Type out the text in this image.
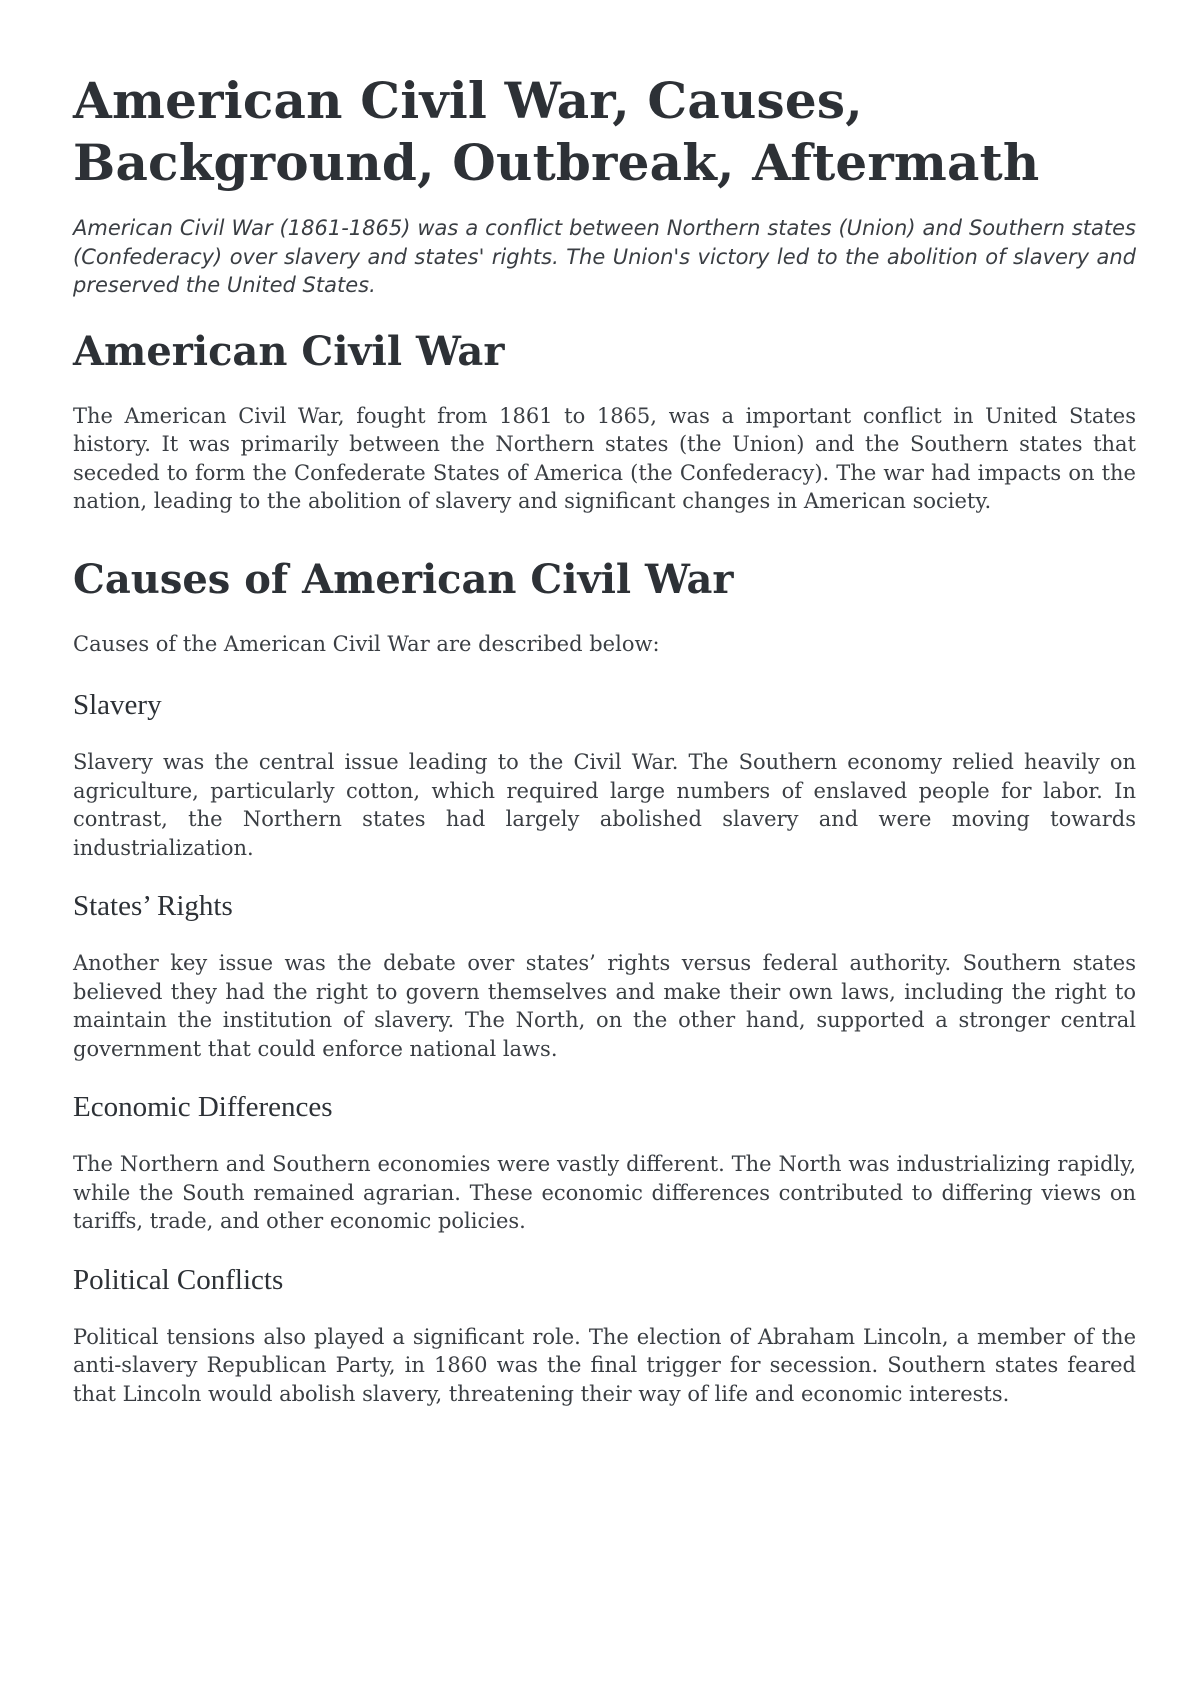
American Civil War, Causes, Background, Outbreak, Aftermath

American Civil War (1861-1865) was a conflict between Northern states (Union) and Southern states (Confederacy) over slavery and states' rights. The Union's victory led to the abolition of slavery and preserved the United States.

American Civil War

The American Civil War, fought from 1861 to 1865, was a important conflict in United States history. It was primarily between the Northern states (the Union) and the Southern states that seceded to form the Confederate States of America (the Confederacy). The war had impacts on the nation, leading to the abolition of slavery and significant changes in American society.

Causes of American Civil War

Causes of the American Civil War are described below:

Slavery

Slavery was the central issue leading to the Civil War. The Southern economy relied heavily on agriculture, particularly cotton, which required large numbers of enslaved people for labor. In contrast, the Northern states had largely abolished slavery and were moving towards industrialization.

States’ Rights

Another key issue was the debate over states’ rights versus federal authority. Southern states believed they had the right to govern themselves and make their own laws, including the right to maintain the institution of slavery. The North, on the other hand, supported a stronger central government that could enforce national laws.

Economic Differences

The Northern and Southern economies were vastly different. The North was industrializing rapidly, while the South remained agrarian. These economic differences contributed to differing views on tariffs, trade, and other economic policies.

Political Conflicts

Political tensions also played a significant role. The election of Abraham Lincoln, a member of the anti-slavery Republican Party, in 1860 was the final trigger for secession. Southern states feared that Lincoln would abolish slavery, threatening their way of life and economic interests.
